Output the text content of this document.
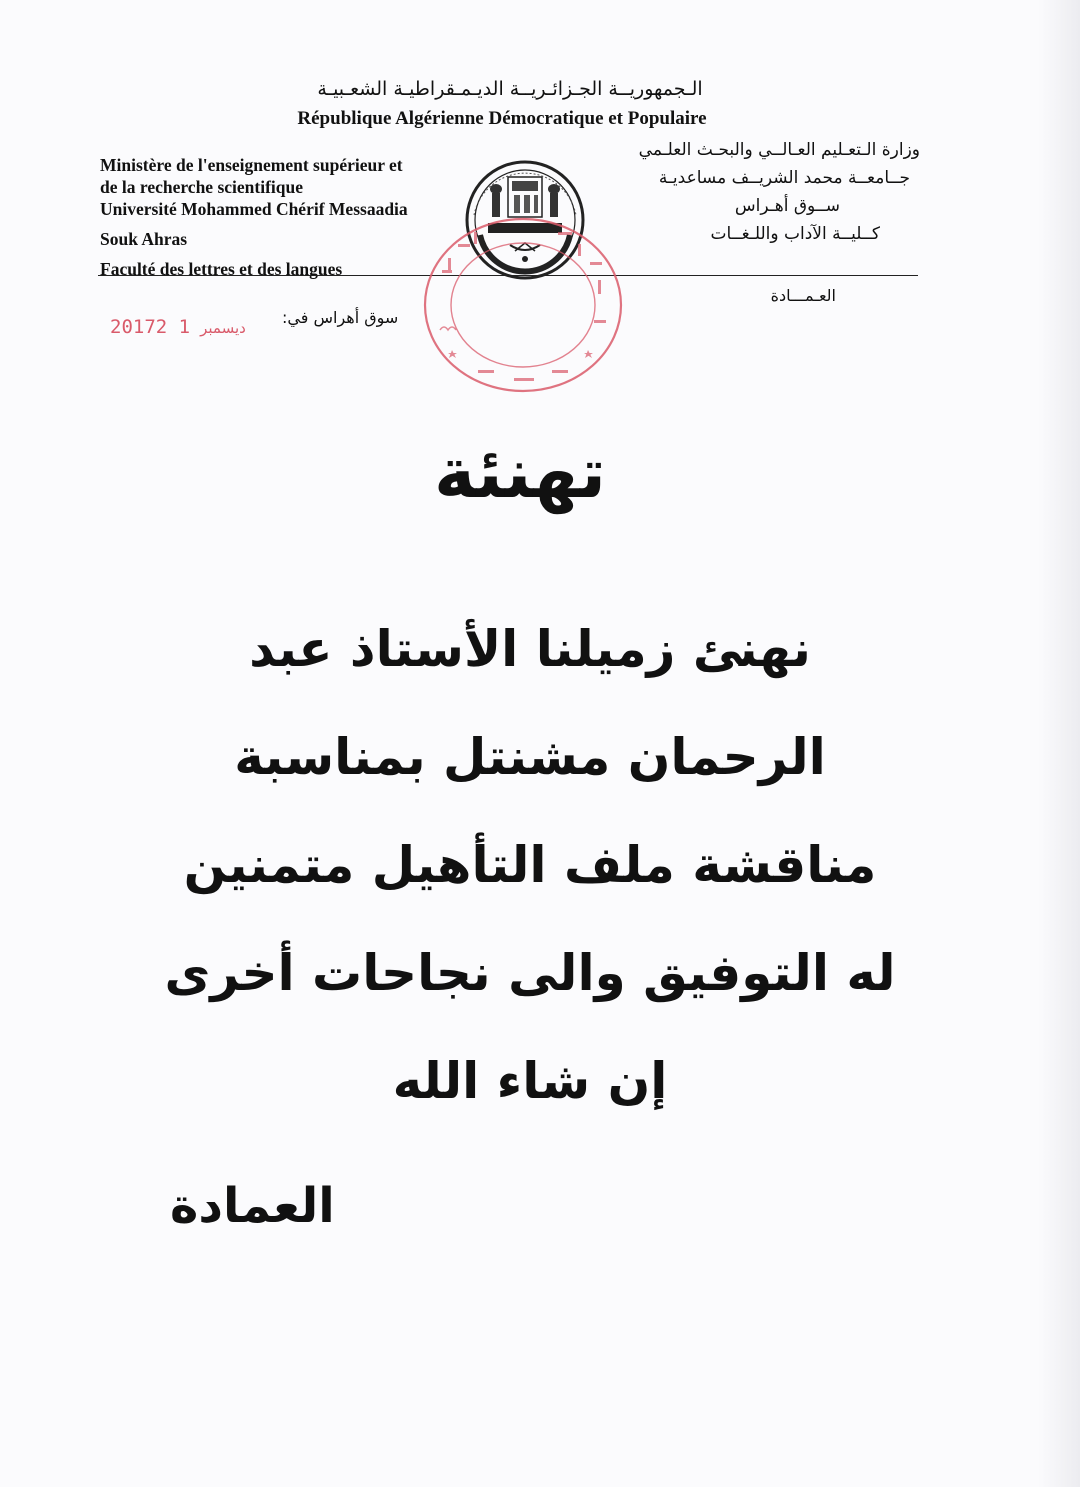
الـجمهوريــة الجـزائـريــة الديـمـقراطيـة الشعـبيـة
République Algérienne Démocratique et Populaire
Ministère de l'enseignement supérieur et
de la recherche scientifique
Université Mohammed Chérif Messaadia
Souk Ahras
Faculté des lettres et des langues
وزارة الـتعـليم العـالــي والبحـث العلـمي
جــامعــة محمد الشريــف مساعديـة
ســوق أهـراس
كــليــة الآداب واللـغــات
العـمـــادة
2017	ديسمبر1 2	سوق أهراس في:
تهنئة
نهنئ زميلنا الأستاذ عبد
الرحمان مشنتل بمناسبة
مناقشة ملف التأهيل متمنين
له التوفيق والى نجاحات أخرى
إن شاء الله
العمادة
